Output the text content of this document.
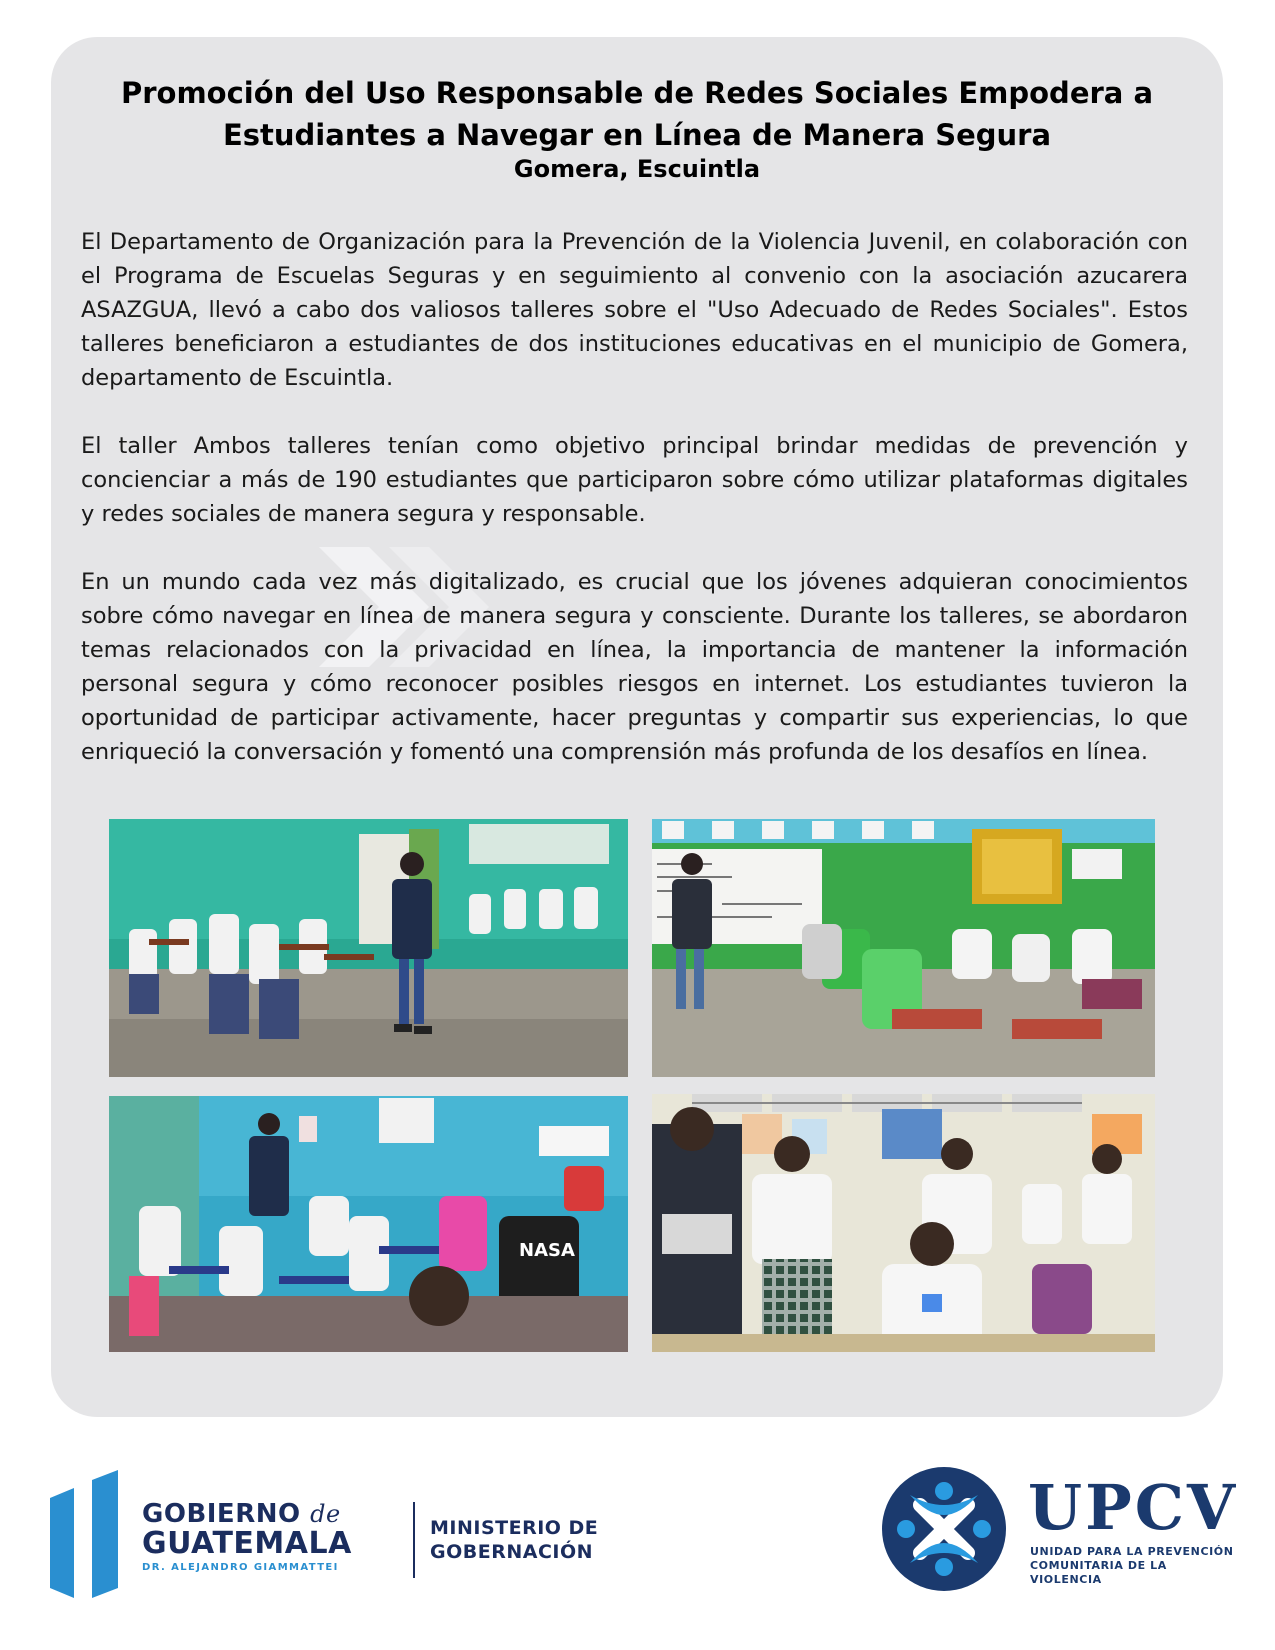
Promoción del Uso Responsable de Redes Sociales Empodera a
Estudiantes a Navegar en Línea de Manera Segura
Gomera, Escuintla

El Departamento de Organización para la Prevención de la Violencia Juvenil, en colaboración con el Programa de Escuelas Seguras y en seguimiento al convenio con la asociación azucarera ASAZGUA, llevó a cabo dos valiosos talleres sobre el "Uso Adecuado de Redes Sociales". Estos talleres beneficiaron a estudiantes de dos instituciones educativas en el municipio de Gomera, departamento de Escuintla.

El taller Ambos talleres tenían como objetivo principal brindar medidas de prevención y concienciar a más de 190 estudiantes que participaron sobre cómo utilizar plataformas digitales y redes sociales de manera segura y responsable.

En un mundo cada vez más digitalizado, es crucial que los jóvenes adquieran conocimientos sobre cómo navegar en línea de manera segura y consciente. Durante los talleres, se abordaron temas relacionados con la privacidad en línea, la importancia de mantener la información personal segura y cómo reconocer posibles riesgos en internet. Los estudiantes tuvieron la oportunidad de participar activamente, hacer preguntas y compartir sus experiencias, lo que enriqueció la conversación y fomentó una comprensión más profunda de los desafíos en línea.

NASA
GOBIERNO de
GUATEMALA
DR. ALEJANDRO GIAMMATTEI
MINISTERIO DE
GOBERNACIÓN
UPCV
UNIDAD PARA LA PREVENCIÓN
COMUNITARIA DE LA VIOLENCIA
